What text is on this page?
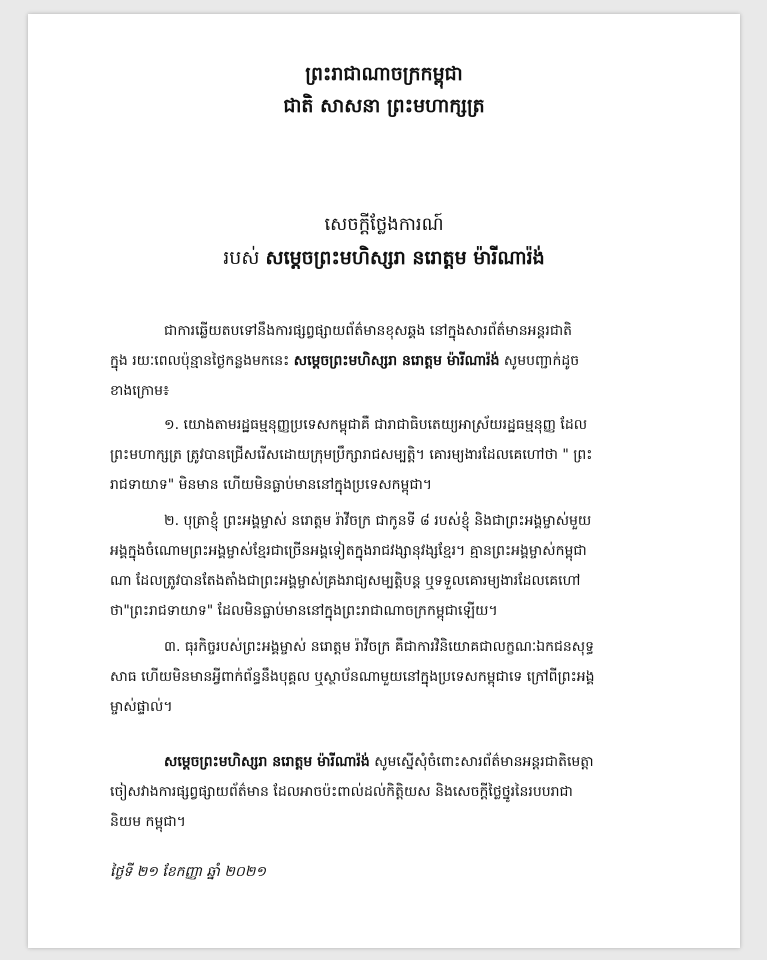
ព្រះរាជាណាចក្រកម្ពុជា
ជាតិ សាសនា ព្រះមហាក្សត្រ
សេចក្តីថ្លែងការណ៍
របស់ សម្តេចព្រះមហិស្សរា នរោត្តម ម៉ារីណារ៉ង់
ជាការឆ្លើយតបទៅនឹងការផ្សព្វផ្សាយព័ត៌មានខុសឆ្គង នៅក្នុងសារព័ត៌មានអន្តរជាតិ
ក្នុង រយៈពេលប៉ុន្មានថ្ងៃកន្លងមកនេះ សម្តេចព្រះមហិស្សរា នរោត្តម ម៉ារីណារ៉ង់ សូមបញ្ជាក់ដូច
ខាងក្រោម៖
១. យោងតាមរដ្ឋធម្មនុញ្ញប្រទេសកម្ពុជាគឺ ជារាជាធិបតេយ្យអាស្រ័យរដ្ឋធម្មនុញ្ញ ដែល
ព្រះមហាក្សត្រ ត្រូវបានជ្រើសរើសដោយក្រុមប្រឹក្សារាជសម្បត្តិ។ គោរម្យងារដែលគេហៅថា " ព្រះ
រាជទាយាទ" មិនមាន ហើយមិនធ្លាប់មាននៅក្នុងប្រទេសកម្ពុជា។
២. បុត្រាខ្ញុំ ព្រះអង្គម្ចាស់ នរោត្តម រ៉ាវីចក្រ ជាកូនទី ៨ របស់ខ្ញុំ និងជាព្រះអង្គម្ចាស់មួយ
អង្គក្នុងចំណោមព្រះអង្គម្ចាស់ខ្មែរជាច្រើនអង្គទៀតក្នុងរាជវង្សានុវង្សខ្មែរ។ គ្មានព្រះអង្គម្ចាស់កម្ពុជា
ណា ដែលត្រូវបានតែងតាំងជាព្រះអង្គម្ចាស់គ្រងរាជ្យសម្បត្តិបន្ត ឬទទួលគោរម្យងារដែលគេហៅ
ថា"ព្រះរាជទាយាទ" ដែលមិនធ្លាប់មាននៅក្នុងព្រះរាជាណាចក្រកម្ពុជាឡើយ។
៣. ធុរកិច្ចរបស់ព្រះអង្គម្ចាស់ នរោត្តម រ៉ាវីចក្រ គឺជាការវិនិយោគជាលក្ខណៈឯកជនសុទ្ធ
សាធ ហើយមិនមានអ្វីពាក់ព័ន្ធនឹងបុគ្គល ឬស្ថាប័នណាមួយនៅក្នុងប្រទេសកម្ពុជាទេ ក្រៅពីព្រះអង្គ
ម្ចាស់ផ្ទាល់។
សម្តេចព្រះមហិស្សរា នរោត្តម ម៉ារីណារ៉ង់ សូមស្នើសុំចំពោះសារព័ត៌មានអន្តរជាតិមេត្តា
ចៀសវាងការផ្សព្វផ្សាយព័ត៌មាន ដែលអាចប៉ះពាល់ដល់កិត្តិយស និងសេចក្តីថ្លៃថ្នូរនៃរបបរាជា
និយម កម្ពុជា។
ថ្ងៃទី ២១ ខែកញ្ញា ឆ្នាំ ២០២១
